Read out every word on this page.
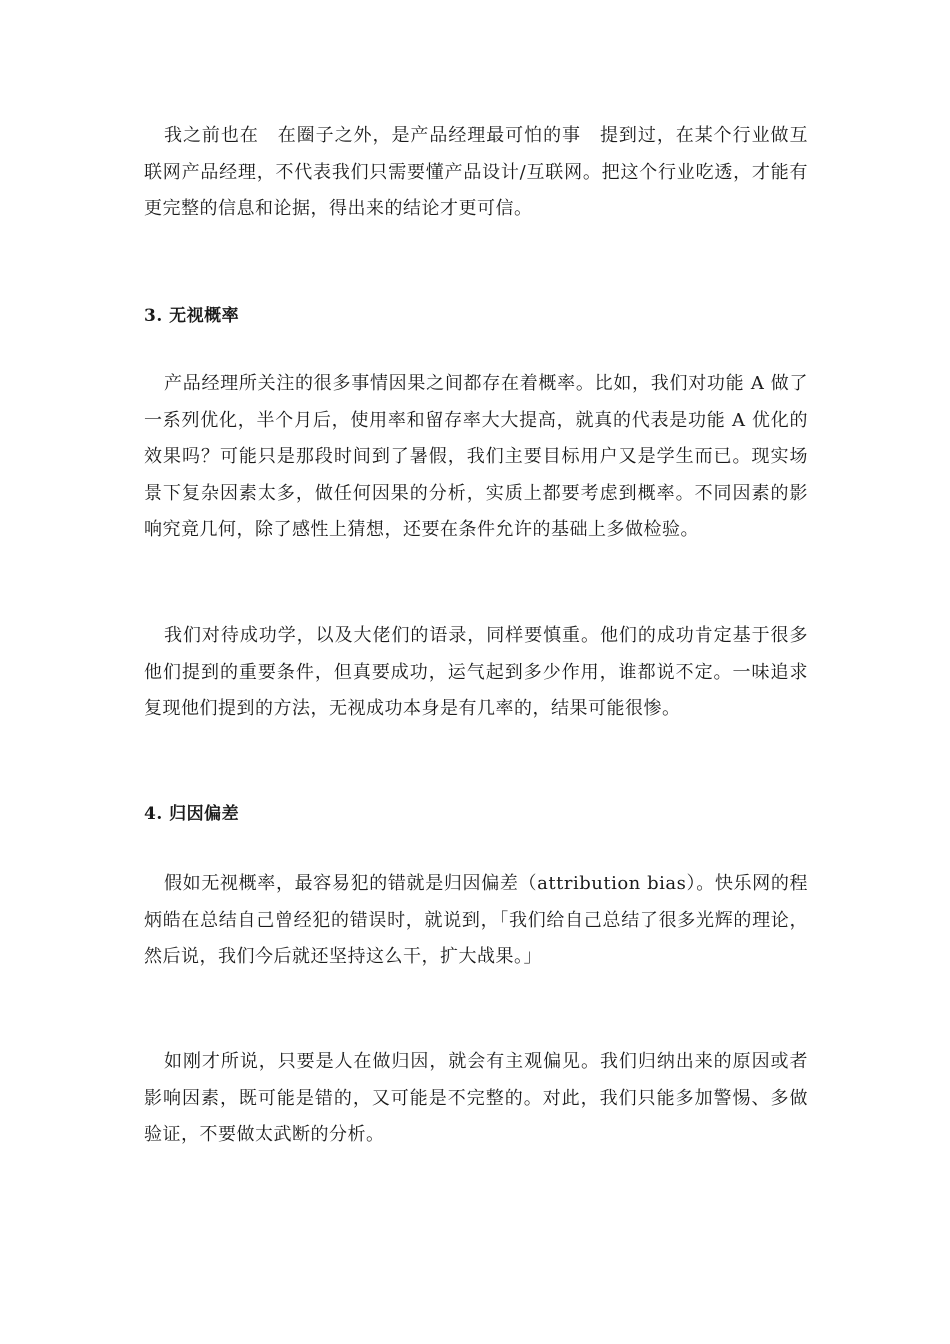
我之前也在　在圈子之外，是产品经理最可怕的事　提到过，在某个行业做互联网产品经理，不代表我们只需要懂产品设计/互联网。把这个行业吃透，才能有更完整的信息和论据，得出来的结论才更可信。

3. 无视概率

产品经理所关注的很多事情因果之间都存在着概率。比如，我们对功能 A 做了一系列优化，半个月后，使用率和留存率大大提高，就真的代表是功能 A 优化的效果吗？可能只是那段时间到了暑假，我们主要目标用户又是学生而已。现实场景下复杂因素太多，做任何因果的分析，实质上都要考虑到概率。不同因素的影响究竟几何，除了感性上猜想，还要在条件允许的基础上多做检验。

我们对待成功学，以及大佬们的语录，同样要慎重。他们的成功肯定基于很多他们提到的重要条件，但真要成功，运气起到多少作用，谁都说不定。一味追求复现他们提到的方法，无视成功本身是有几率的，结果可能很惨。

4. 归因偏差

假如无视概率，最容易犯的错就是归因偏差（attribution bias）。快乐网的程炳皓在总结自己曾经犯的错误时，就说到，「我们给自己总结了很多光辉的理论，然后说，我们今后就还坚持这么干，扩大战果。」

如刚才所说，只要是人在做归因，就会有主观偏见。我们归纳出来的原因或者影响因素，既可能是错的，又可能是不完整的。对此，我们只能多加警惕、多做验证，不要做太武断的分析。
